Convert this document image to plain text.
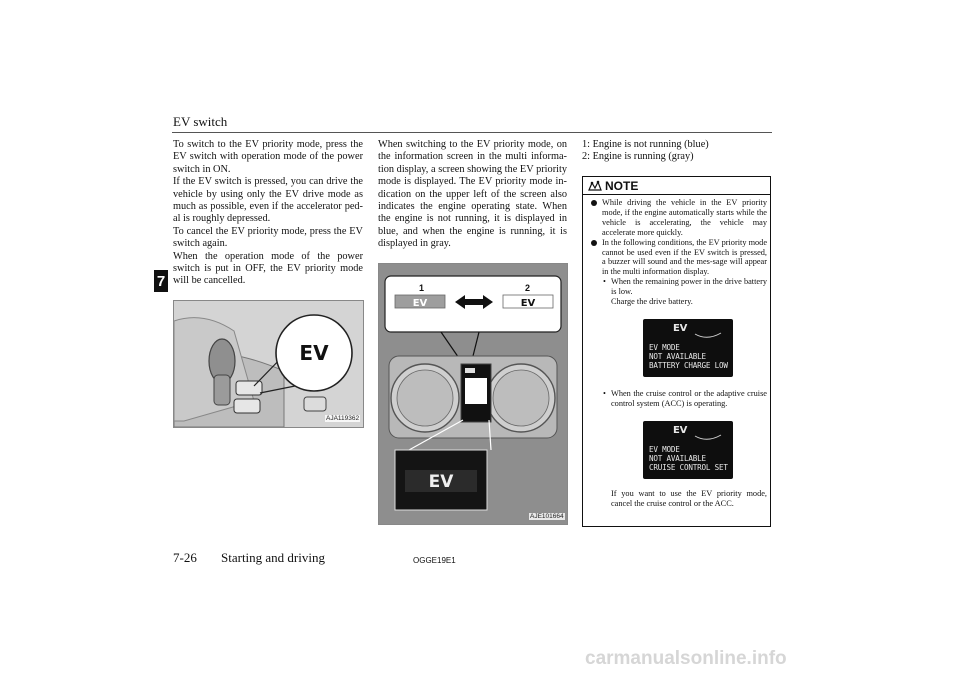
EV switch
7

To switch to the EV priority mode, press the EV switch with operation mode of the power switch in ON.

If the EV switch is pressed, you can drive the vehicle by using only the EV drive mode as much as possible, even if the accelerator ped-al is roughly depressed.

To cancel the EV priority mode, press the EV switch again.

When the operation mode of the power switch is put in OFF, the EV priority mode will be cancelled.

EV
AJA119362

When switching to the EV priority mode, on the information screen in the multi informa-tion display, a screen showing the EV priority mode is displayed. The EV priority mode in-dication on the upper left of the screen also indicates the engine operating state. When the engine is not running, it is displayed in blue, and when the engine is running, it is displayed in gray.

1	2
EV	EV
EV
AJE101664

1: Engine is not running (blue)

2: Engine is running (gray)

NOTE
While driving the vehicle in the EV priority mode, if the engine automatically starts while the vehicle is accelerating, the vehicle may accelerate more quickly.
In the following conditions, the EV priority mode cannot be used even if the EV switch is pressed, a buzzer will sound and the mes-sage will appear in the multi information display.
• When the remaining power in the drive battery is low.
Charge the drive battery.
EV
EV MODE
NOT AVAILABLE
BATTERY CHARGE LOW
• When the cruise control or the adaptive cruise control system (ACC) is operating.
EV
EV MODE
NOT AVAILABLE
CRUISE CONTROL SET
If you want to use the EV priority mode, cancel the cruise control or the ACC.
7-26 Starting and driving	OGGE19E1
carmanualsonline.info
